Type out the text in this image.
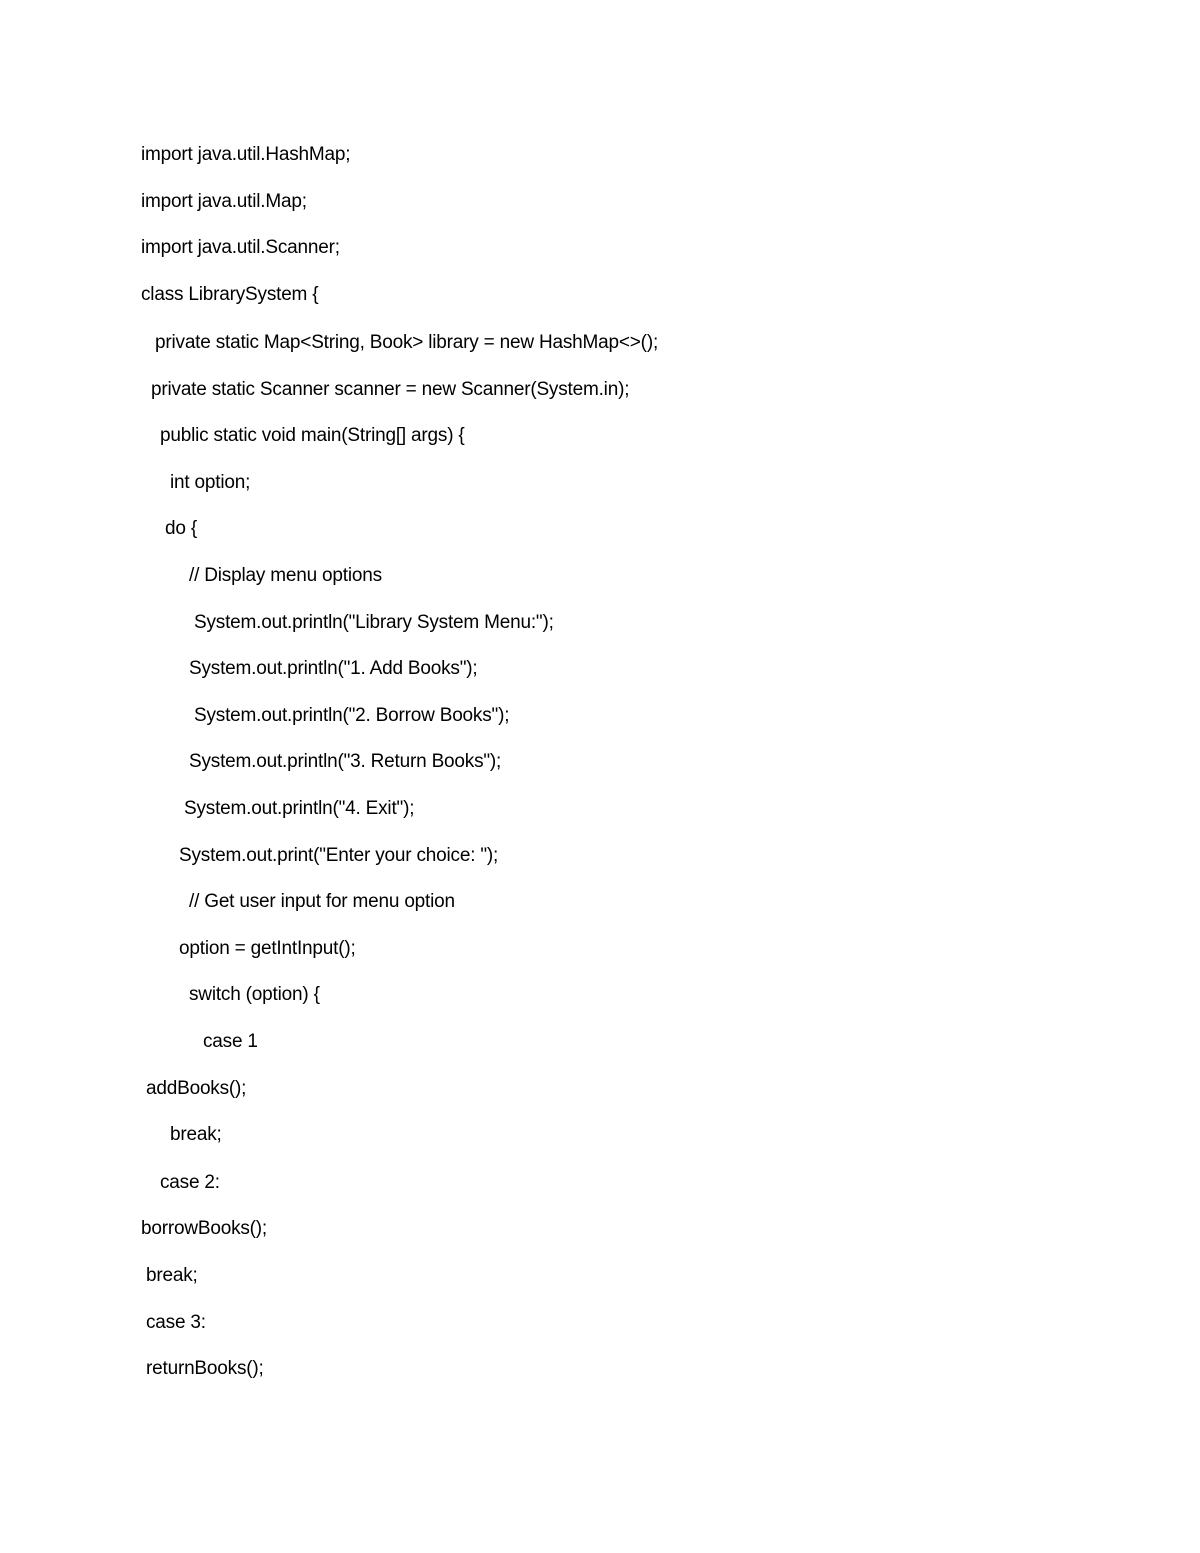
import java.util.HashMap;
import java.util.Map;
import java.util.Scanner;
class LibrarySystem {
private static Map<String, Book> library = new HashMap<>();
private static Scanner scanner = new Scanner(System.in);
public static void main(String[] args) {
int option;
do {
// Display menu options
System.out.println("Library System Menu:");
System.out.println("1. Add Books");
System.out.println("2. Borrow Books");
System.out.println("3. Return Books");
System.out.println("4. Exit");
System.out.print("Enter your choice: ");
// Get user input for menu option
option = getIntInput();
switch (option) {
case 1
addBooks();
break;
case 2:
borrowBooks();
break;
case 3:
returnBooks();
